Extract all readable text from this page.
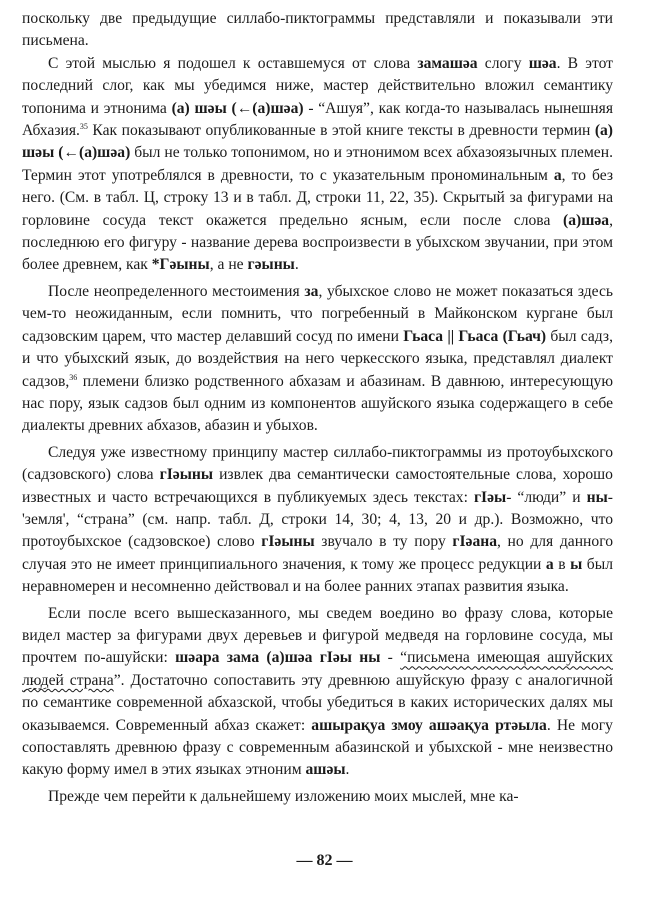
поскольку две предыдущие силлабо-пиктограммы представляли и показывали эти письмена.

С этой мыслью я подошел к оставшемуся от слова замашəа слогу шəа. В этот последний слог, как мы убедимся ниже, мастер действительно вложил семантику топонима и этнонима (а) шəы (←(а)шəа) - “Ашуя”, как когда-то называлась нынешняя Абхазия.$^{35}$ Как показывают опубликованные в этой книге тексты в древности термин (а) шəы (←(а)шəа) был не только топонимом, но и этнонимом всех абхазоязычных племен. Термин этот употреблялся в древности, то с указательным прономинальным а, то без него. (См. в табл. Ц, строку 13 и в табл. Д, строки 11, 22, 35). Скрытый за фигурами на горловине сосуда текст окажется предельно ясным, если после слова (а)шəа, последнюю его фигуру - название дерева воспроизвести в убыхском звучании, при этом более древнем, как *Гəыны, а не гəыны.

После неопределенного местоимения за, убыхское слово не может показаться здесь чем-то неожиданным, если помнить, что погребенный в Майконском кургане был садзовским царем, что мастер делавший сосуд по имени Гьаса || Гьаса (Гьач) был садз, и что убыхский язык, до воздействия на него черкесского языка, представлял диалект садзов,$^{36}$ племени близко родственного абхазам и абазинам. В давнюю, интересующую нас пору, язык садзов был одним из компонентов ашуйского языка содержащего в себе диалекты древних абхазов, абазин и убыхов.

Следуя уже известному принципу мастер силлабо-пиктограммы из протоубыхского (садзовского) слова гІəыны извлек два семантически самостоятельные слова, хорошо известных и часто встречающихся в публикуемых здесь текстах: гІəы- “люди” и ны-'земля', “страна” (см. напр. табл. Д, строки 14, 30; 4, 13, 20 и др.). Возможно, что протоубыхское (садзовское) слово гІəыны звучало в ту пору гІəана, но для данного случая это не имеет принципиального значения, к тому же процесс редукции а в ы был неравномерен и несомненно действовал и на более ранних этапах развития языка.

Если после всего вышесказанного, мы сведем воедино во фразу слова, которые видел мастер за фигурами двух деревьев и фигурой медведя на горловине сосуда, мы прочтем по-ашуйски: шəара зама (а)шəа гІəы ны - “письмена имеющая ашуйских людей страна”. Достаточно сопоставить эту древнюю ашуйскую фразу с аналогичной по семантике современной абхазской, чтобы убедиться в каких исторических далях мы оказываемся. Современный абхаз скажет: ашырақуа змоу ашəақуа ртəыла. Не могу сопоставлять древнюю фразу с современным абазинской и убыхской - мне неизвестно какую форму имел в этих языках этноним ашəы.

Прежде чем перейти к дальнейшему изложению моих мыслей, мне ка-

— 82 —
